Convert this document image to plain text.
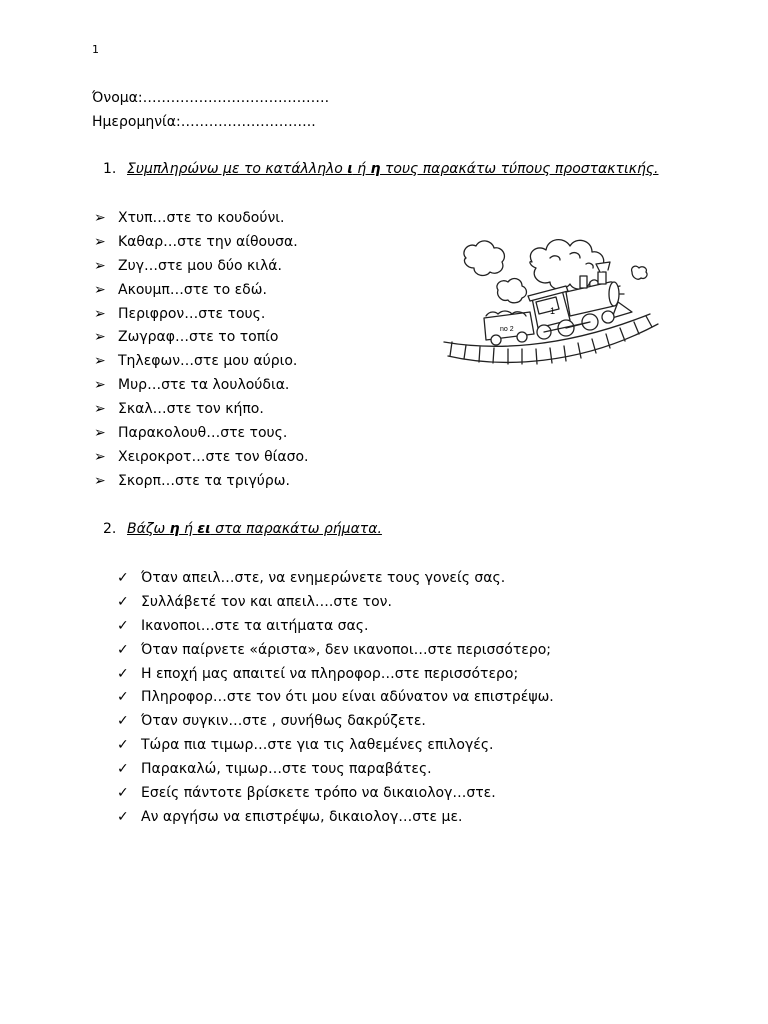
1
Όνομα:………………………………….
Ημερομηνία:………………………..
1. Συμπληρώνω με το κατάλληλο ι ή η τους παρακάτω τύπους προστακτικής.
➢ Χτυπ…στε το κουδούνι.
➢ Καθαρ…στε την αίθουσα.
➢ Ζυγ…στε μου δύο κιλά.
➢ Ακουμπ…στε το εδώ.
➢ Περιφρον…στε τους.
➢ Ζωγραφ…στε το τοπίο
➢ Τηλεφων…στε μου αύριο.
➢ Μυρ…στε τα λουλούδια.
➢ Σκαλ…στε τον κήπο.
➢ Παρακολουθ…στε τους.
➢ Χειροκροτ…στε τον θίασο.
➢ Σκορπ…στε τα τριγύρω.
no 2
1
2. Βάζω η ή ει στα παρακάτω ρήματα.
✓ Όταν απειλ…στε, να ενημερώνετε τους γονείς σας.
✓ Συλλάβετέ τον και απειλ….στε τον.
✓ Ικανοποι…στε τα αιτήματα σας.
✓ Όταν παίρνετε «άριστα», δεν ικανοποι…στε περισσότερο;
✓ Η εποχή μας απαιτεί να πληροφορ…στε περισσότερο;
✓ Πληροφορ…στε τον ότι μου είναι αδύνατον να επιστρέψω.
✓ Όταν συγκιν…στε , συνήθως δακρύζετε.
✓ Τώρα πια τιμωρ…στε για τις λαθεμένες επιλογές.
✓ Παρακαλώ, τιμωρ…στε τους παραβάτες.
✓ Εσείς πάντοτε βρίσκετε τρόπο να δικαιολογ…στε.
✓ Αν αργήσω να επιστρέψω, δικαιολογ…στε με.
